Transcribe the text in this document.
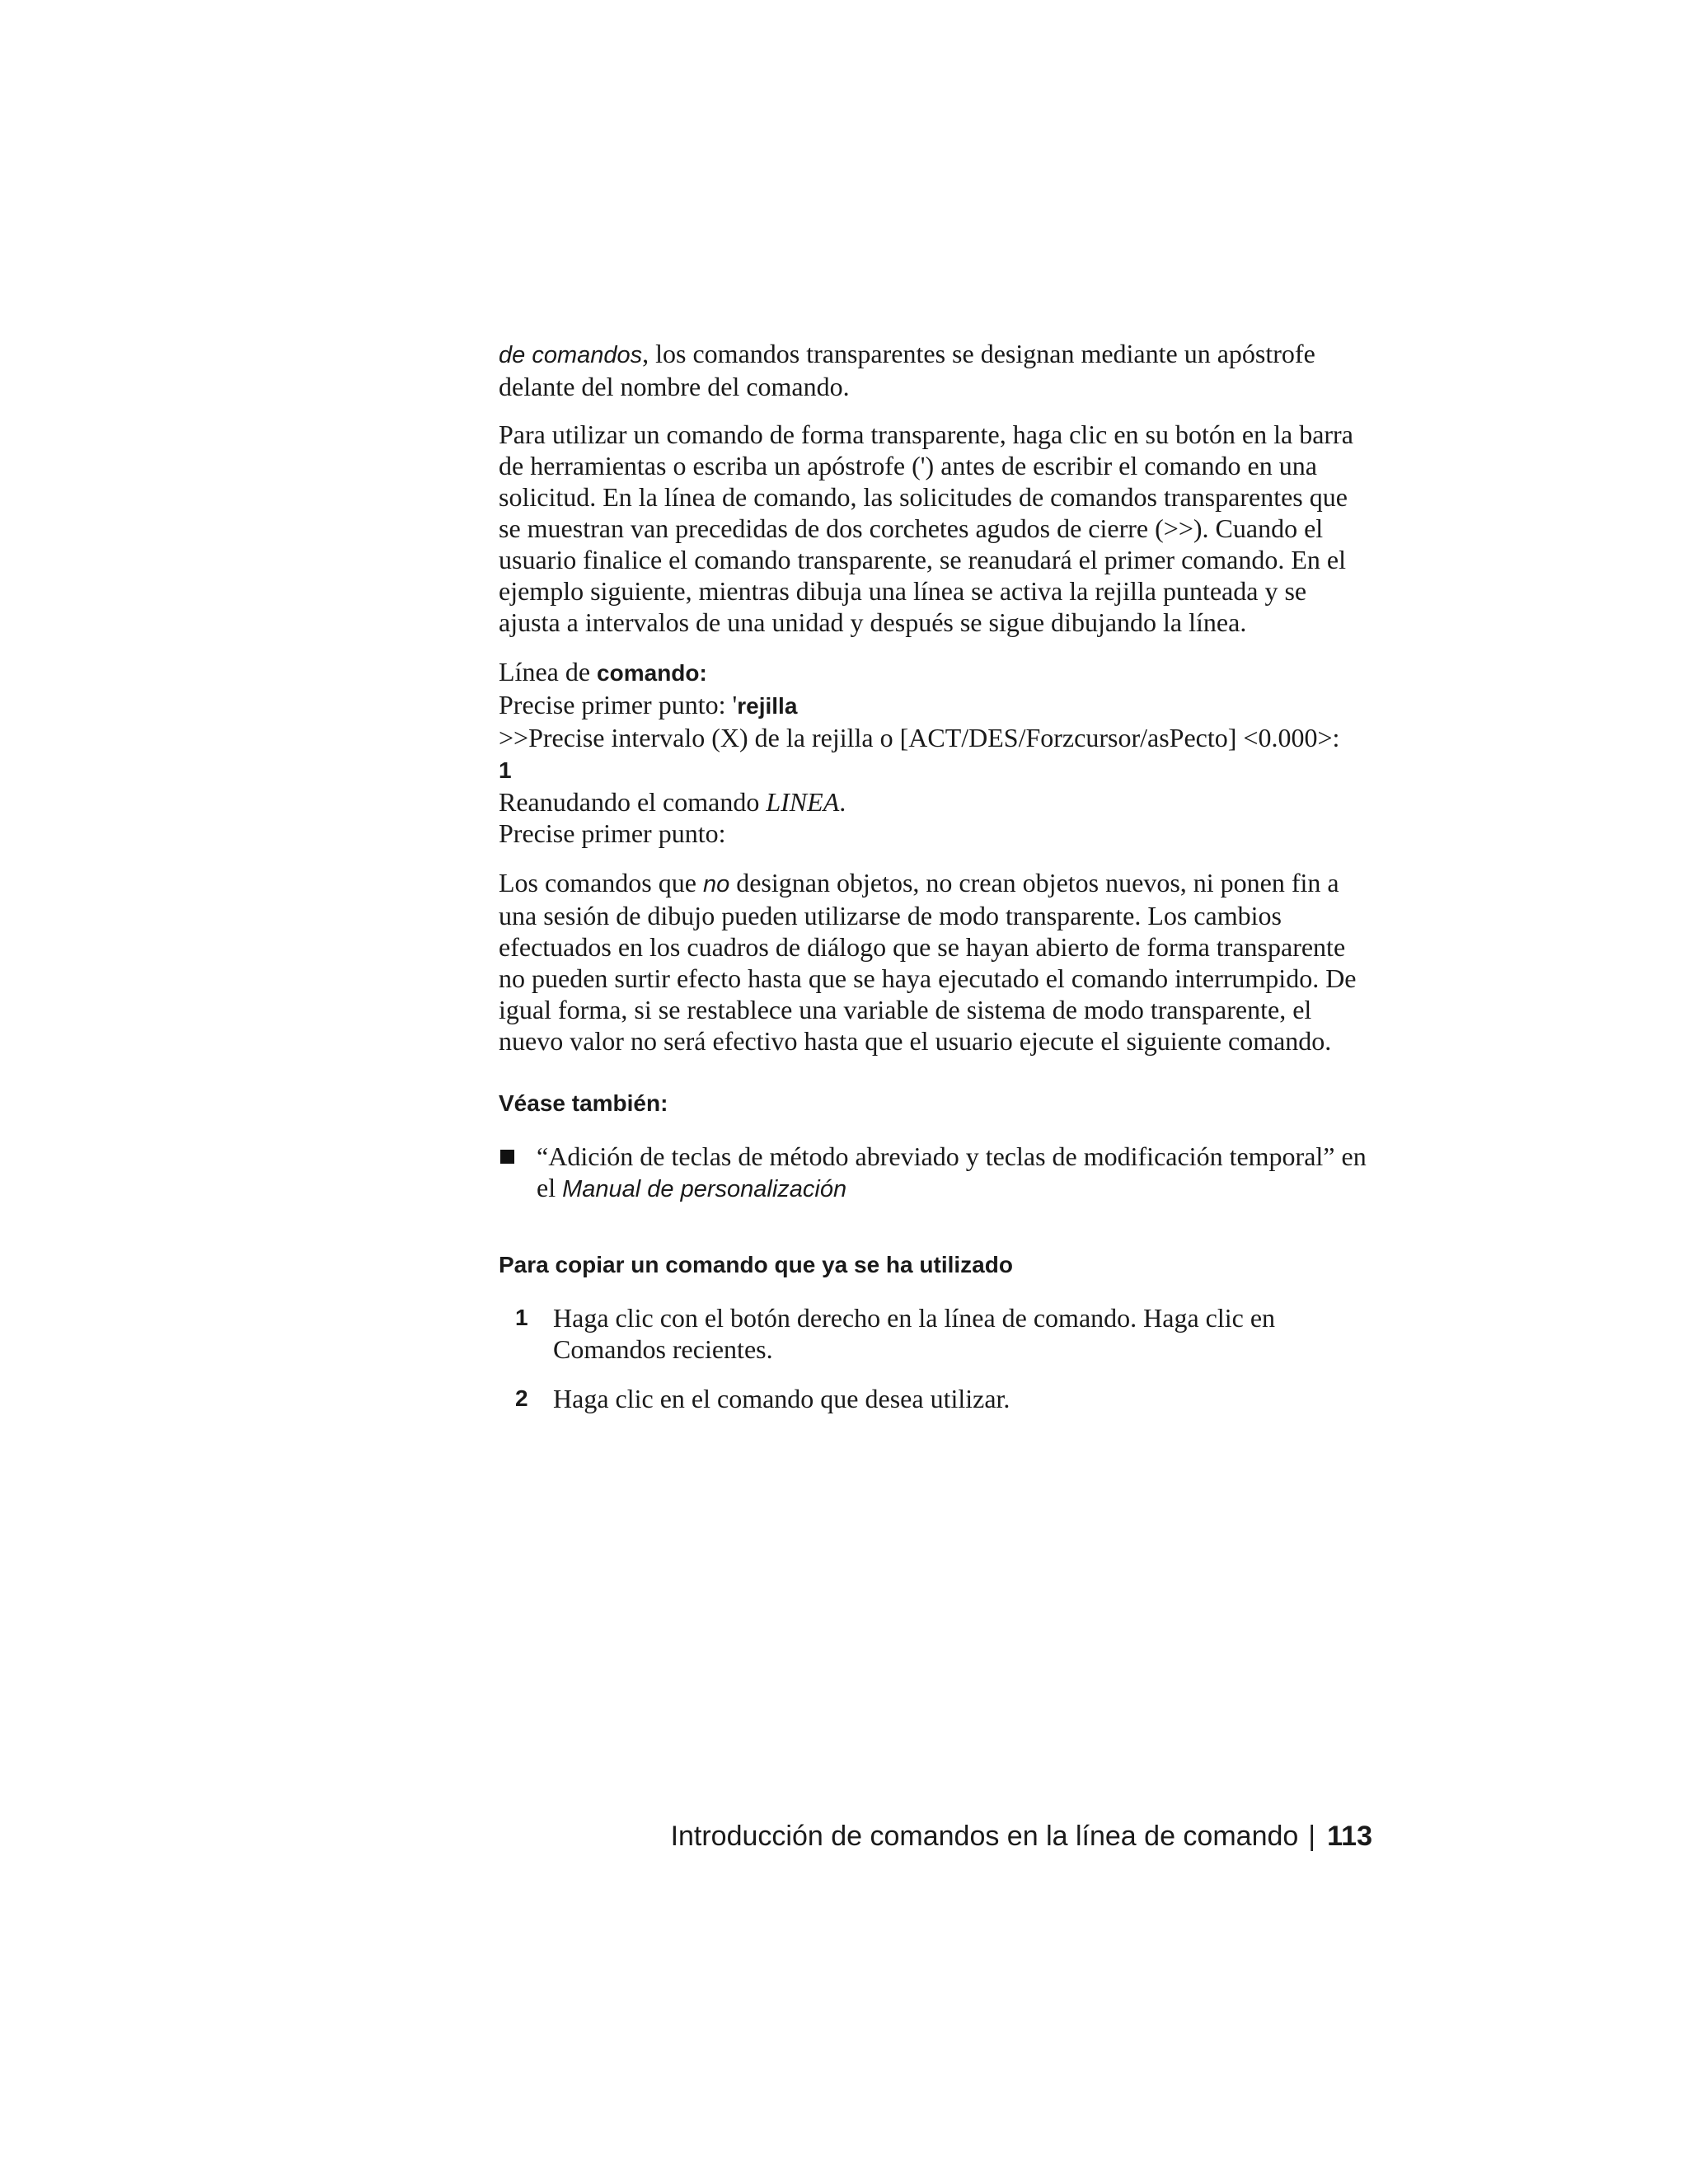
de comandos, los comandos transparentes se designan mediante un apóstrofe delante del nombre del comando.

Para utilizar un comando de forma transparente, haga clic en su botón en la barra de herramientas o escriba un apóstrofe (') antes de escribir el comando en una solicitud. En la línea de comando, las solicitudes de comandos transparentes que se muestran van precedidas de dos corchetes agudos de cierre (>>). Cuando el usuario finalice el comando transparente, se reanudará el primer comando. En el ejemplo siguiente, mientras dibuja una línea se activa la rejilla punteada y se ajusta a intervalos de una unidad y después se sigue dibujando la línea.

Línea de comando:
Precise primer punto: 'rejilla
>>Precise intervalo (X) de la rejilla o [ACT/DES/Forzcursor/asPecto] <0.000>:
1
Reanudando el comando LINEA.
Precise primer punto:

Los comandos que no designan objetos, no crean objetos nuevos, ni ponen fin a una sesión de dibujo pueden utilizarse de modo transparente. Los cambios efectuados en los cuadros de diálogo que se hayan abierto de forma transparente no pueden surtir efecto hasta que se haya ejecutado el comando interrumpido. De igual forma, si se restablece una variable de sistema de modo transparente, el nuevo valor no será efectivo hasta que el usuario ejecute el siguiente comando.

Véase también:
“Adición de teclas de método abreviado y teclas de modificación temporal” en el Manual de personalización
Para copiar un comando que ya se ha utilizado
1 Haga clic con el botón derecho en la línea de comando. Haga clic en Comandos recientes.
2 Haga clic en el comando que desea utilizar.
Introducción de comandos en la línea de comando | 113
